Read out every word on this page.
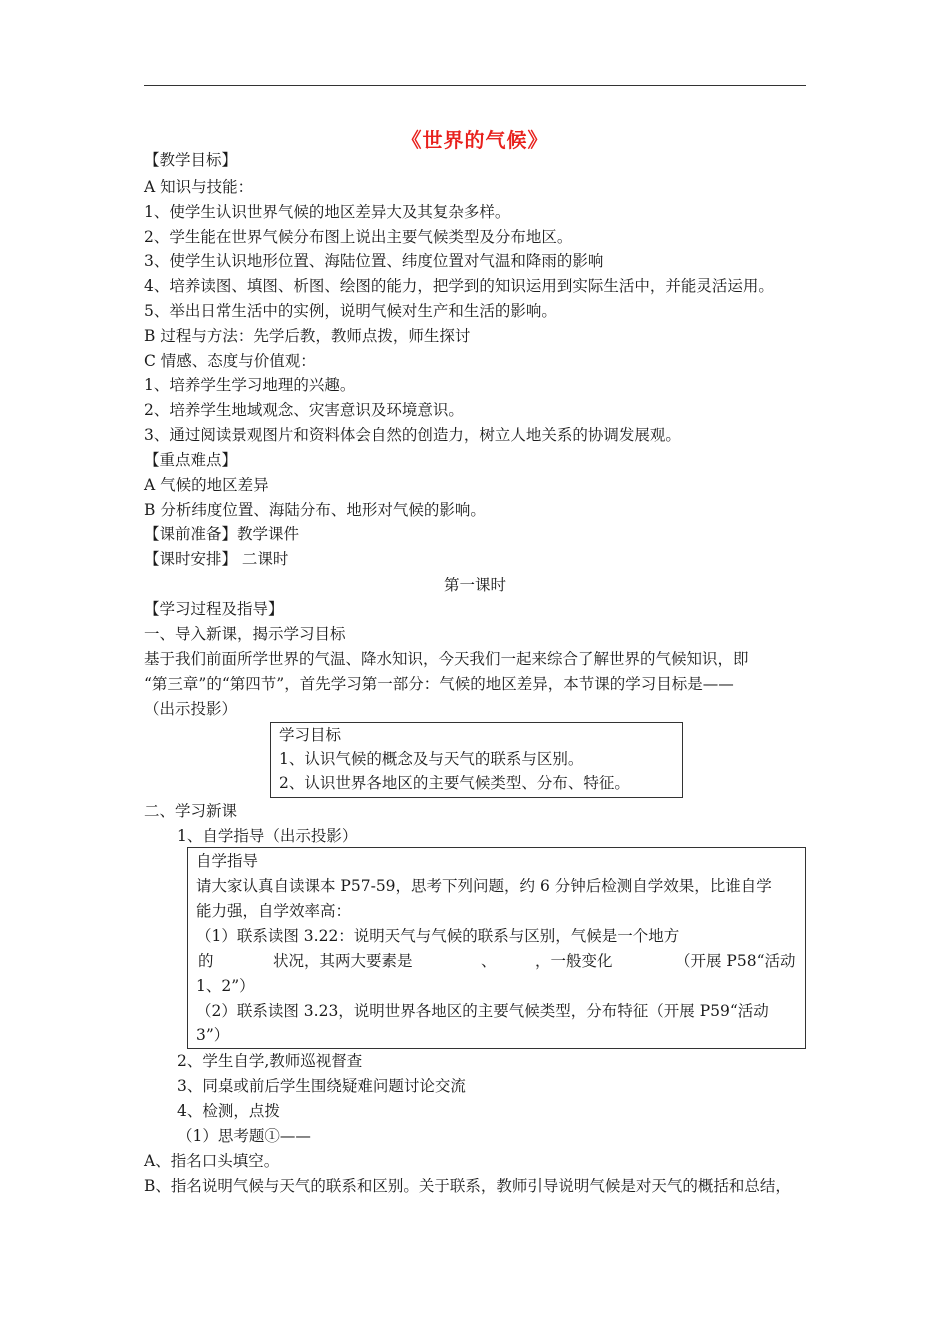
《世界的气候》
【教学目标】
A 知识与技能：
1、使学生认识世界气候的地区差异大及其复杂多样。
2、学生能在世界气候分布图上说出主要气候类型及分布地区。
3、使学生认识地形位置、海陆位置、纬度位置对气温和降雨的影响
4、培养读图、填图、析图、绘图的能力，把学到的知识运用到实际生活中，并能灵活运用。
5、举出日常生活中的实例，说明气候对生产和生活的影响。
B 过程与方法：先学后教，教师点拨，师生探讨
C 情感、态度与价值观：
1、培养学生学习地理的兴趣。
2、培养学生地域观念、灾害意识及环境意识。
3、通过阅读景观图片和资料体会自然的创造力，树立人地关系的协调发展观。
【重点难点】
A 气候的地区差异
B 分析纬度位置、海陆分布、地形对气候的影响。
【课前准备】教学课件
【课时安排】 二课时
第一课时
【学习过程及指导】
一、导入新课，揭示学习目标
基于我们前面所学世界的气温、降水知识，今天我们一起来综合了解世界的气候知识，即
“第三章”的“第四节”，首先学习第一部分：气候的地区差异，本节课的学习目标是——
（出示投影）
学习目标
1、认识气候的概念及与天气的联系与区别。
2、认识世界各地区的主要气候类型、分布、特征。
二、学习新课
1、自学指导（出示投影）
自学指导
请大家认真自读课本 P57-59，思考下列问题，约 6 分钟后检测自学效果，比谁自学
能力强，自学效率高：
（1）联系读图 3.22：说明天气与气候的联系与区别，气候是一个地方
的	状况，其两大要素是	、 ，一般变化	（开展 P58“活动
1、2”）
（2）联系读图 3.23，说明世界各地区的主要气候类型，分布特征（开展 P59“活动
3”）
2、学生自学,教师巡视督查
3、同桌或前后学生围绕疑难问题讨论交流
4、检测，点拨
（1）思考题①——
A、指名口头填空。
B、指名说明气候与天气的联系和区别。关于联系，教师引导说明气候是对天气的概括和总结，
